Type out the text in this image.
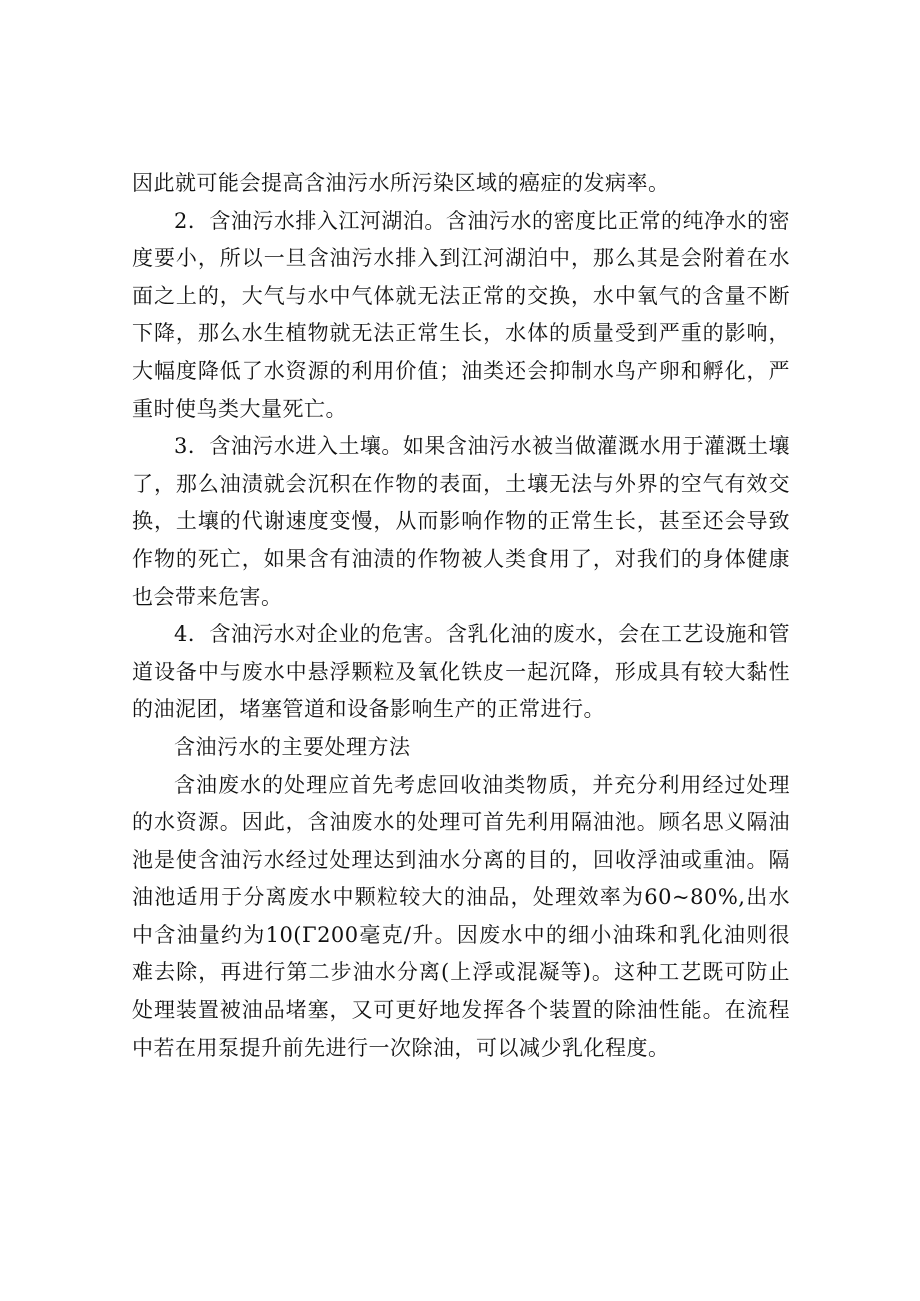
因此就可能会提高含油污水所污染区域的癌症的发病率。

2．含油污水排入江河湖泊。含油污水的密度比正常的纯净水的密度要小，所以一旦含油污水排入到江河湖泊中，那么其是会附着在水面之上的，大气与水中气体就无法正常的交换，水中氧气的含量不断下降，那么水生植物就无法正常生长，水体的质量受到严重的影响，大幅度降低了水资源的利用价值；油类还会抑制水鸟产卵和孵化，严重时使鸟类大量死亡。

3．含油污水进入土壤。如果含油污水被当做灌溉水用于灌溉土壤了，那么油渍就会沉积在作物的表面，土壤无法与外界的空气有效交换，土壤的代谢速度变慢，从而影响作物的正常生长，甚至还会导致作物的死亡，如果含有油渍的作物被人类食用了，对我们的身体健康也会带来危害。

4．含油污水对企业的危害。含乳化油的废水，会在工艺设施和管道设备中与废水中悬浮颗粒及氧化铁皮一起沉降，形成具有较大黏性的油泥团，堵塞管道和设备影响生产的正常进行。

含油污水的主要处理方法

含油废水的处理应首先考虑回收油类物质，并充分利用经过处理的水资源。因此，含油废水的处理可首先利用隔油池。顾名思义隔油池是使含油污水经过处理达到油水分离的目的，回收浮油或重油。隔油池适用于分离废水中颗粒较大的油品，处理效率为60~80%,出水中含油量约为10(Γ200毫克/升。因废水中的细小油珠和乳化油则很难去除，再进行第二步油水分离(上浮或混凝等)。这种工艺既可防止处理装置被油品堵塞，又可更好地发挥各个装置的除油性能。在流程中若在用泵提升前先进行一次除油，可以减少乳化程度。
